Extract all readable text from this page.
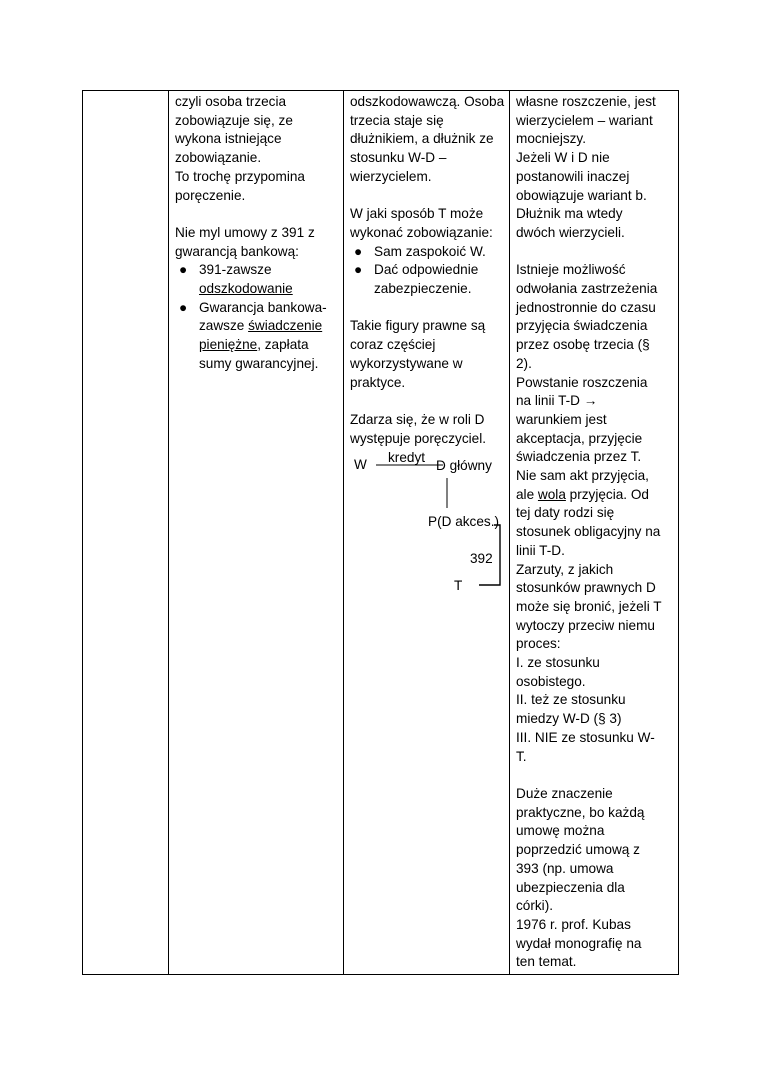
czyli osoba trzecia
zobowiązuje się, ze
wykona istniejące
zobowiązanie.
To trochę przypomina
poręczenie.
Nie myl umowy z 391 z
gwarancją bankową:
● 391-zawsze
odszkodowanie
● Gwarancja bankowa-
zawsze świadczenie
pieniężne, zapłata
sumy gwarancyjnej.

odszkodowawczą. Osoba
trzecia staje się
dłużnikiem, a dłużnik ze
stosunku W-D –
wierzycielem.
W jaki sposób T może
wykonać zobowiązanie:
● Sam zaspokoić W.
● Dać odpowiednie
zabezpieczenie.
Takie figury prawne są
coraz częściej
wykorzystywane w
praktyce.
Zdarza się, że w roli D
występuje poręczyciel.
W kredyt
D główny
P(D akces.)
392
T

własne roszczenie, jest
wierzycielem – wariant
mocniejszy.
Jeżeli W i D nie
postanowili inaczej
obowiązuje wariant b.
Dłużnik ma wtedy
dwóch wierzycieli.
Istnieje możliwość
odwołania zastrzeżenia
jednostronnie do czasu
przyjęcia świadczenia
przez osobę trzecia (§
2).
Powstanie roszczenia
na linii T-D →
warunkiem jest
akceptacja, przyjęcie
świadczenia przez T.
Nie sam akt przyjęcia,
ale wola przyjęcia. Od
tej daty rodzi się
stosunek obligacyjny na
linii T-D.
Zarzuty, z jakich
stosunków prawnych D
może się bronić, jeżeli T
wytoczy przeciw niemu
proces:
I. ze stosunku
osobistego.
II. też ze stosunku
miedzy W-D (§ 3)
III. NIE ze stosunku W-
T.
Duże znaczenie
praktyczne, bo każdą
umowę można
poprzedzić umową z
393 (np. umowa
ubezpieczenia dla
córki).
1976 r. prof. Kubas
wydał monografię na
ten temat.
